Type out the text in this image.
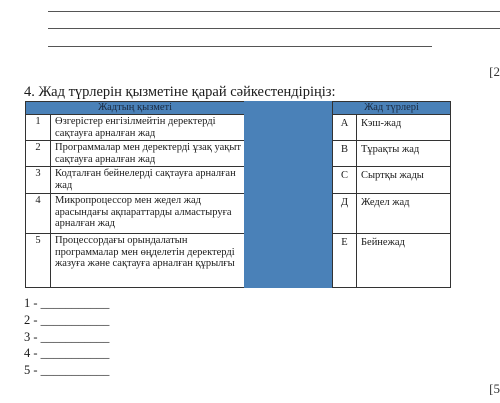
[2
4. Жад түрлерін қызметіне қарай сәйкестендіріңіз:
Жадтың қызметі	
1	Өзгерістер енгізілмейтін деректерді сақтауға арналған жад
2	Программалар мен деректерді ұзақ уақыт сақтауға арналған жад
3	Кодталған бейнелерді сақтауға арналған жад
4	Микропроцессор мен жедел жад арасындағы ақпараттарды алмастыруға арналған жад
5	Процессордағы орындалатын программалар мен өңделетін деректерді жазуға және сақтауға арналған құрылғы
Жад түрлері	
А	Кэш-жад
В	Тұрақты жад
С	Сыртқы жады
Д	Жедел жад
Е	Бейнежад
1 - ___________
2 - ___________
3 - ___________
4 - ___________
5 - ___________
[5
